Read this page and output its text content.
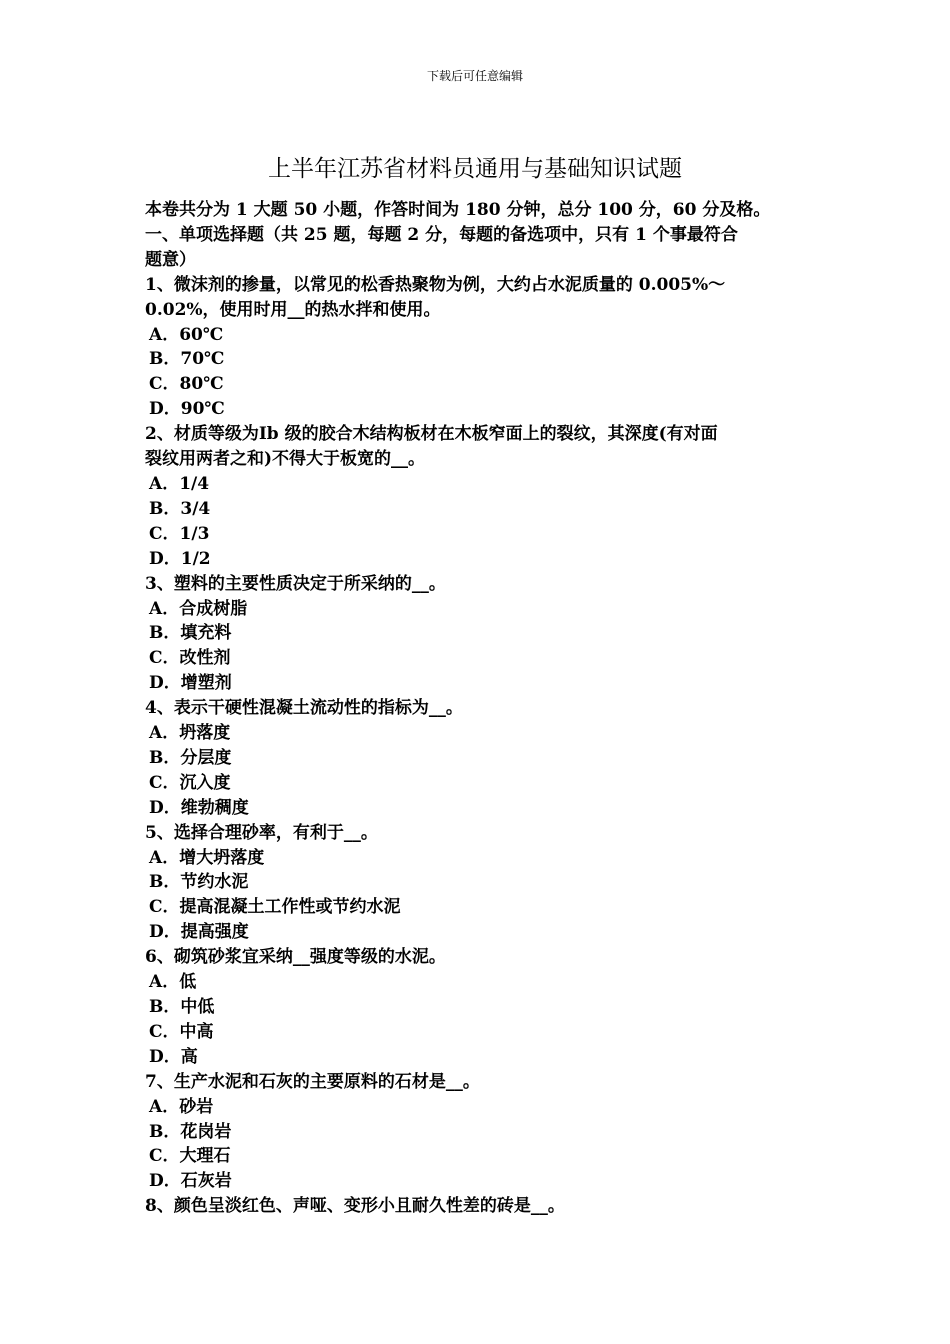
下载后可任意编辑
上半年江苏省材料员通用与基础知识试题

本卷共分为 1 大题 50 小题，作答时间为 180 分钟，总分 100 分，60 分及格。

一、单项选择题（共 25 题，每题 2 分，每题的备选项中，只有 1 个事最符合

题意）

1、微沫剂的掺量，以常见的松香热聚物为例，大约占水泥质量的 0.005%～

0.02%，使用时用__的热水拌和使用。

A．60℃

B．70℃

C．80℃

D．90℃

2、材质等级为Ⅰb 级的胶合木结构板材在木板窄面上的裂纹，其深度(有对面

裂纹用两者之和)不得大于板宽的__。

A．1/4

B．3/4

C．1/3

D．1/2

3、塑料的主要性质决定于所采纳的__。

A．合成树脂

B．填充料

C．改性剂

D．增塑剂

4、表示干硬性混凝土流动性的指标为__。

A．坍落度

B．分层度

C．沉入度

D．维勃稠度

5、选择合理砂率，有利于__。

A．增大坍落度

B．节约水泥

C．提高混凝土工作性或节约水泥

D．提高强度

6、砌筑砂浆宜采纳__强度等级的水泥。

A．低

B．中低

C．中高

D．高

7、生产水泥和石灰的主要原料的石材是__。

A．砂岩

B．花岗岩

C．大理石

D．石灰岩

8、颜色呈淡红色、声哑、变形小且耐久性差的砖是__。
